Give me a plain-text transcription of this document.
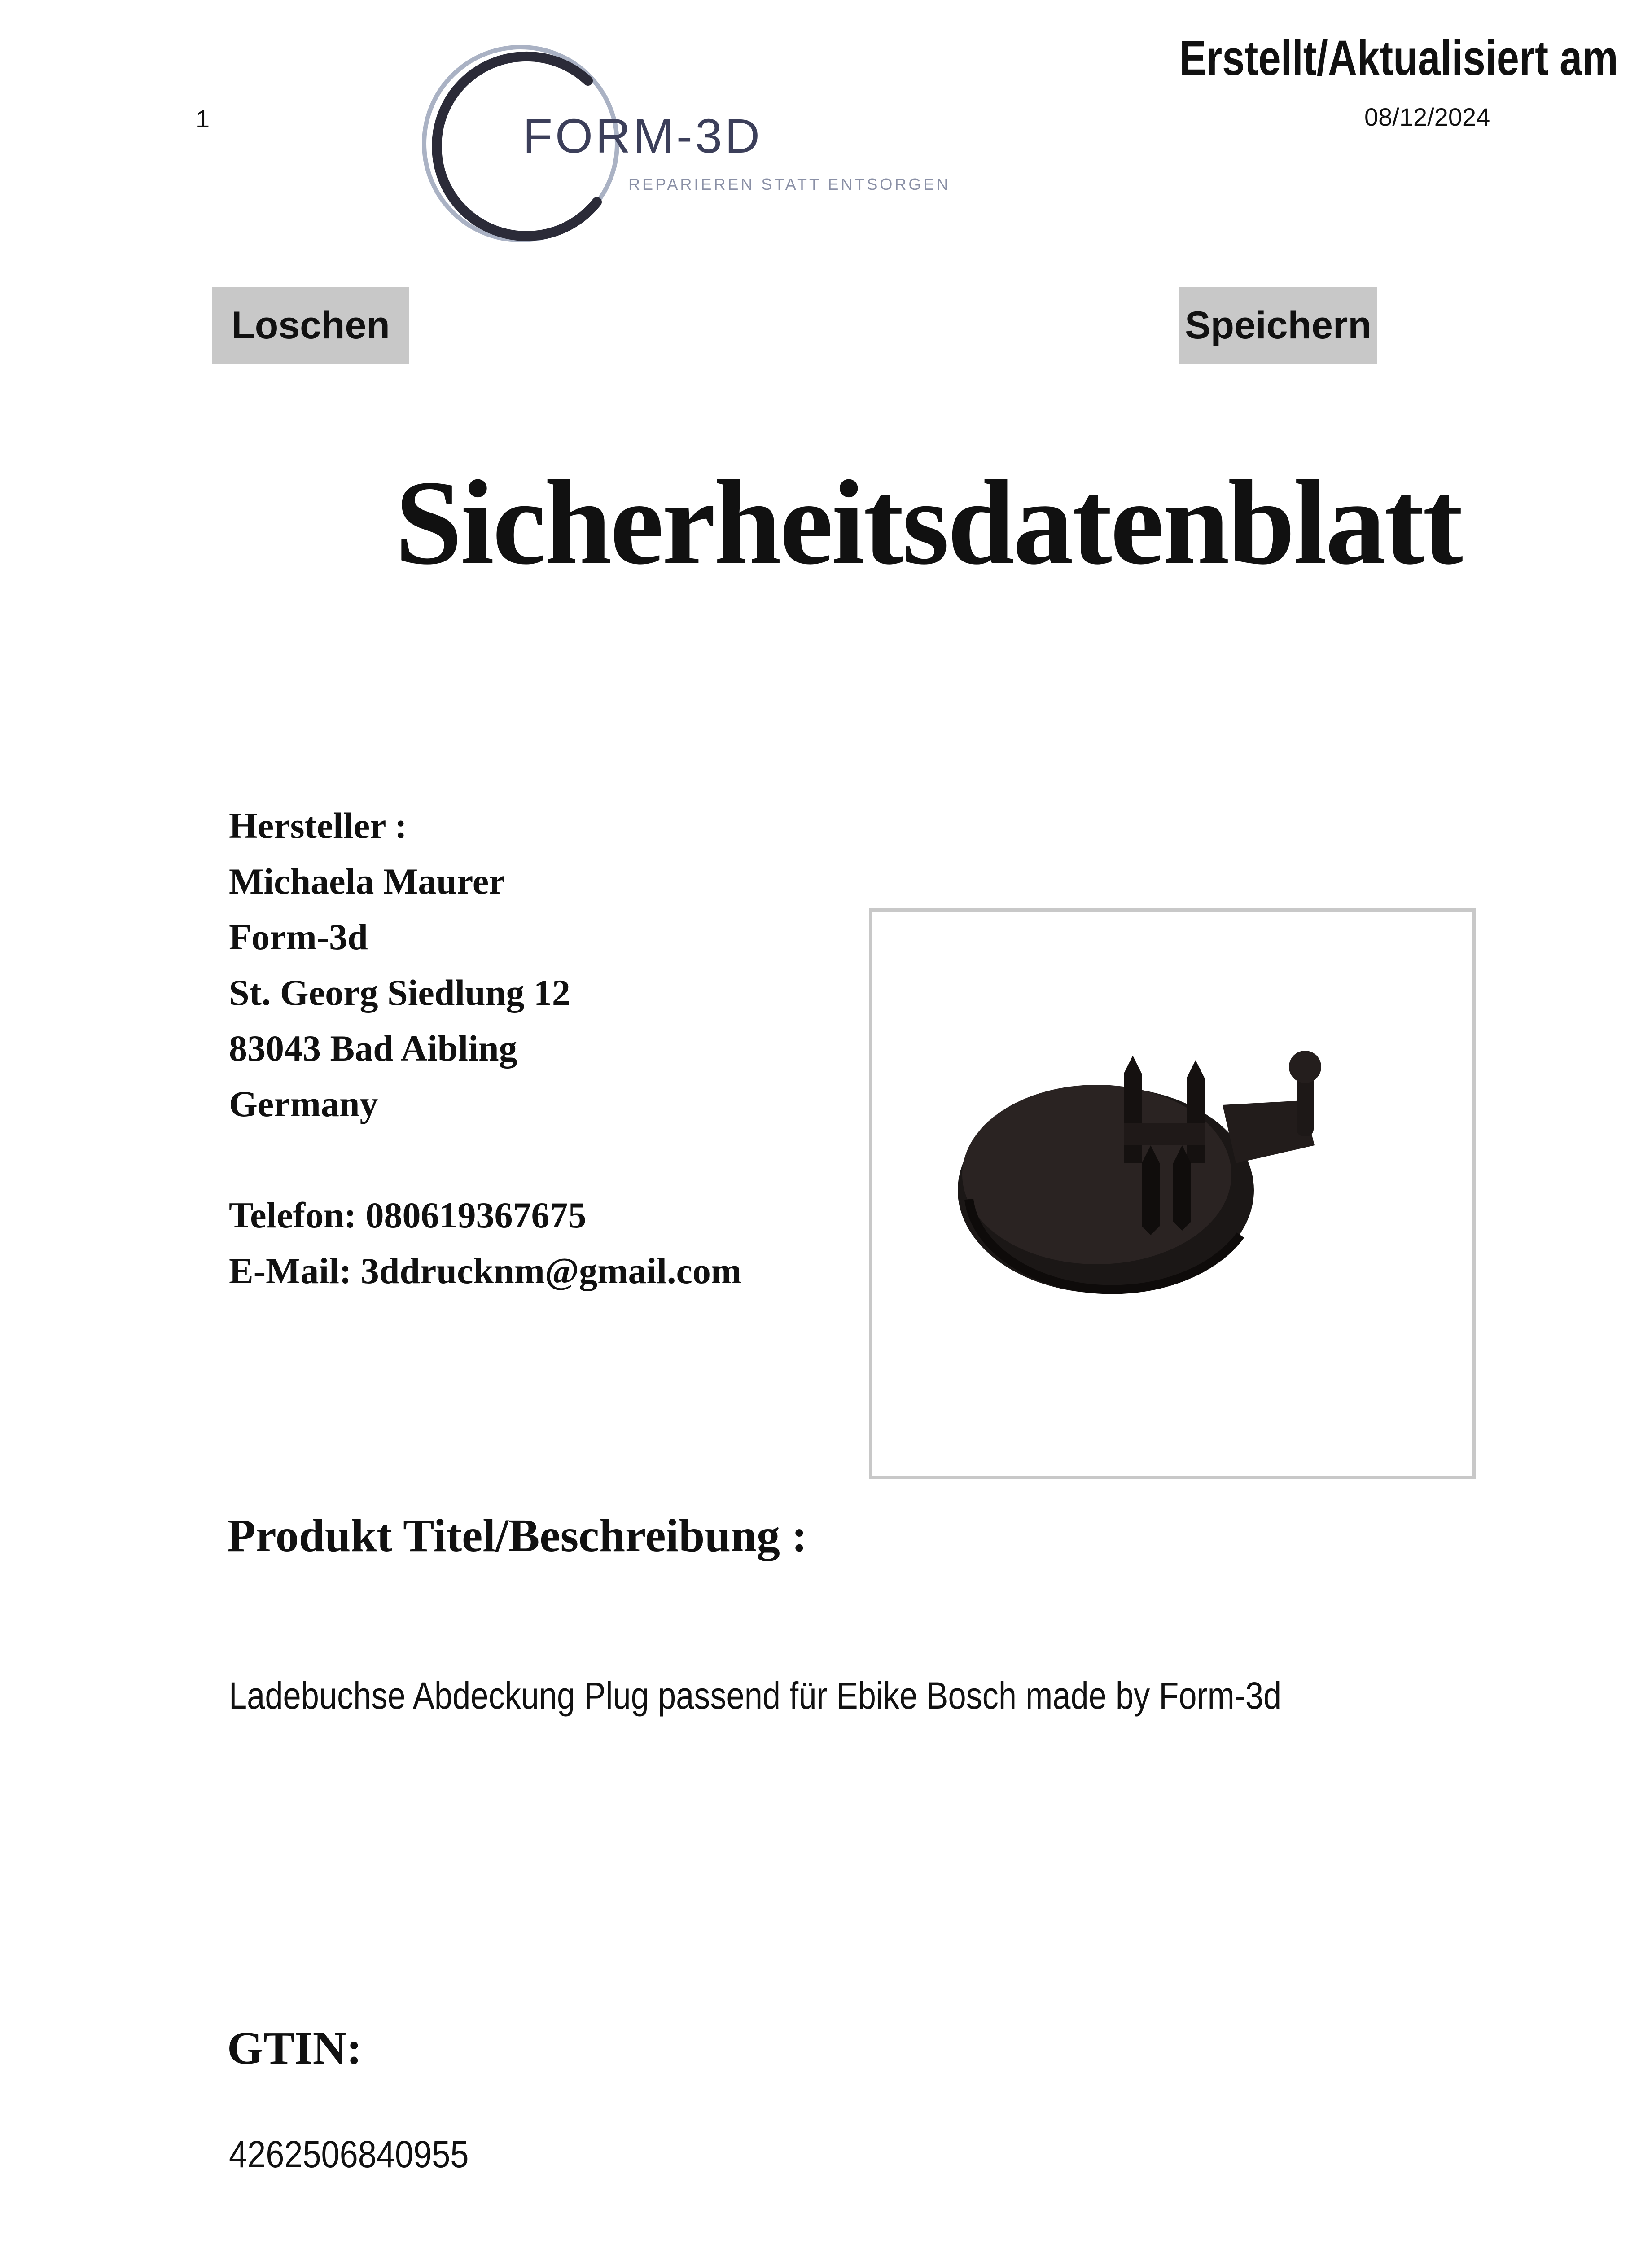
1	FORM-3D
REPARIEREN STATT ENTSORGEN
Erstellt/Aktualisiert am
08/12/2024
Loschen	Speichern
Sicherheitsdatenblatt
Hersteller :
Michaela Maurer
Form-3d
St. Georg Siedlung 12
83043 Bad Aibling
Germany
Telefon: 080619367675
E-Mail: 3ddrucknm@gmail.com
Produkt Titel/Beschreibung :
Ladebuchse Abdeckung Plug passend für Ebike Bosch made by Form-3d
GTIN:
4262506840955
